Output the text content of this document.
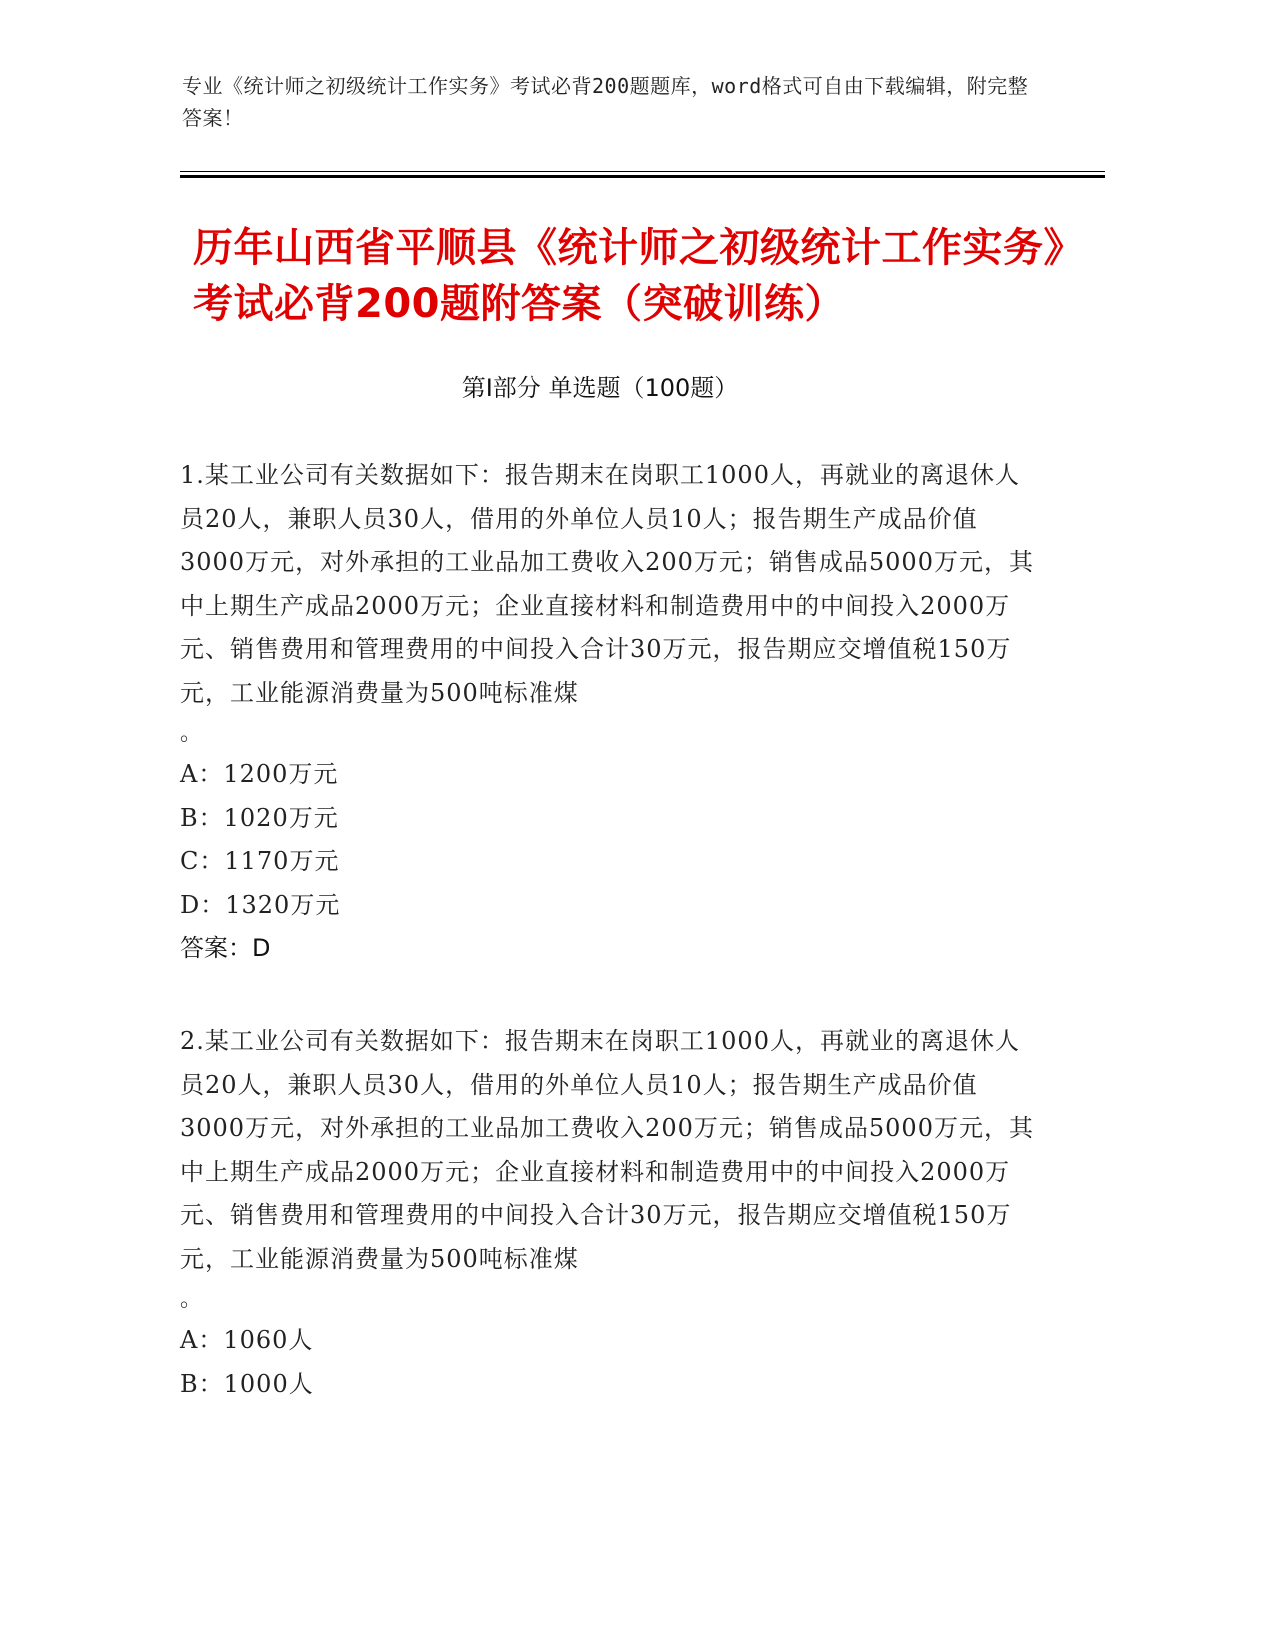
专业《统计师之初级统计工作实务》考试必背200题题库，word格式可自由下载编辑，附完整答案！
历年山西省平顺县《统计师之初级统计工作实务》考试必背200题附答案（突破训练）
第Ⅰ部分 单选题（100题）

1.某工业公司有关数据如下：报告期末在岗职工1000人，再就业的离退休人员20人，兼职人员30人，借用的外单位人员10人；报告期生产成品价值3000万元，对外承担的工业品加工费收入200万元；销售成品5000万元，其中上期生产成品2000万元；企业直接材料和制造费用中的中间投入2000万元、销售费用和管理费用的中间投入合计30万元，报告期应交增值税150万元，工业能源消费量为500吨标准煤

。

A：1200万元

B：1020万元

C：1170万元

D：1320万元

答案：D

2.某工业公司有关数据如下：报告期末在岗职工1000人，再就业的离退休人员20人，兼职人员30人，借用的外单位人员10人；报告期生产成品价值3000万元，对外承担的工业品加工费收入200万元；销售成品5000万元，其中上期生产成品2000万元；企业直接材料和制造费用中的中间投入2000万元、销售费用和管理费用的中间投入合计30万元，报告期应交增值税150万元，工业能源消费量为500吨标准煤

。

A：1060人

B：1000人
